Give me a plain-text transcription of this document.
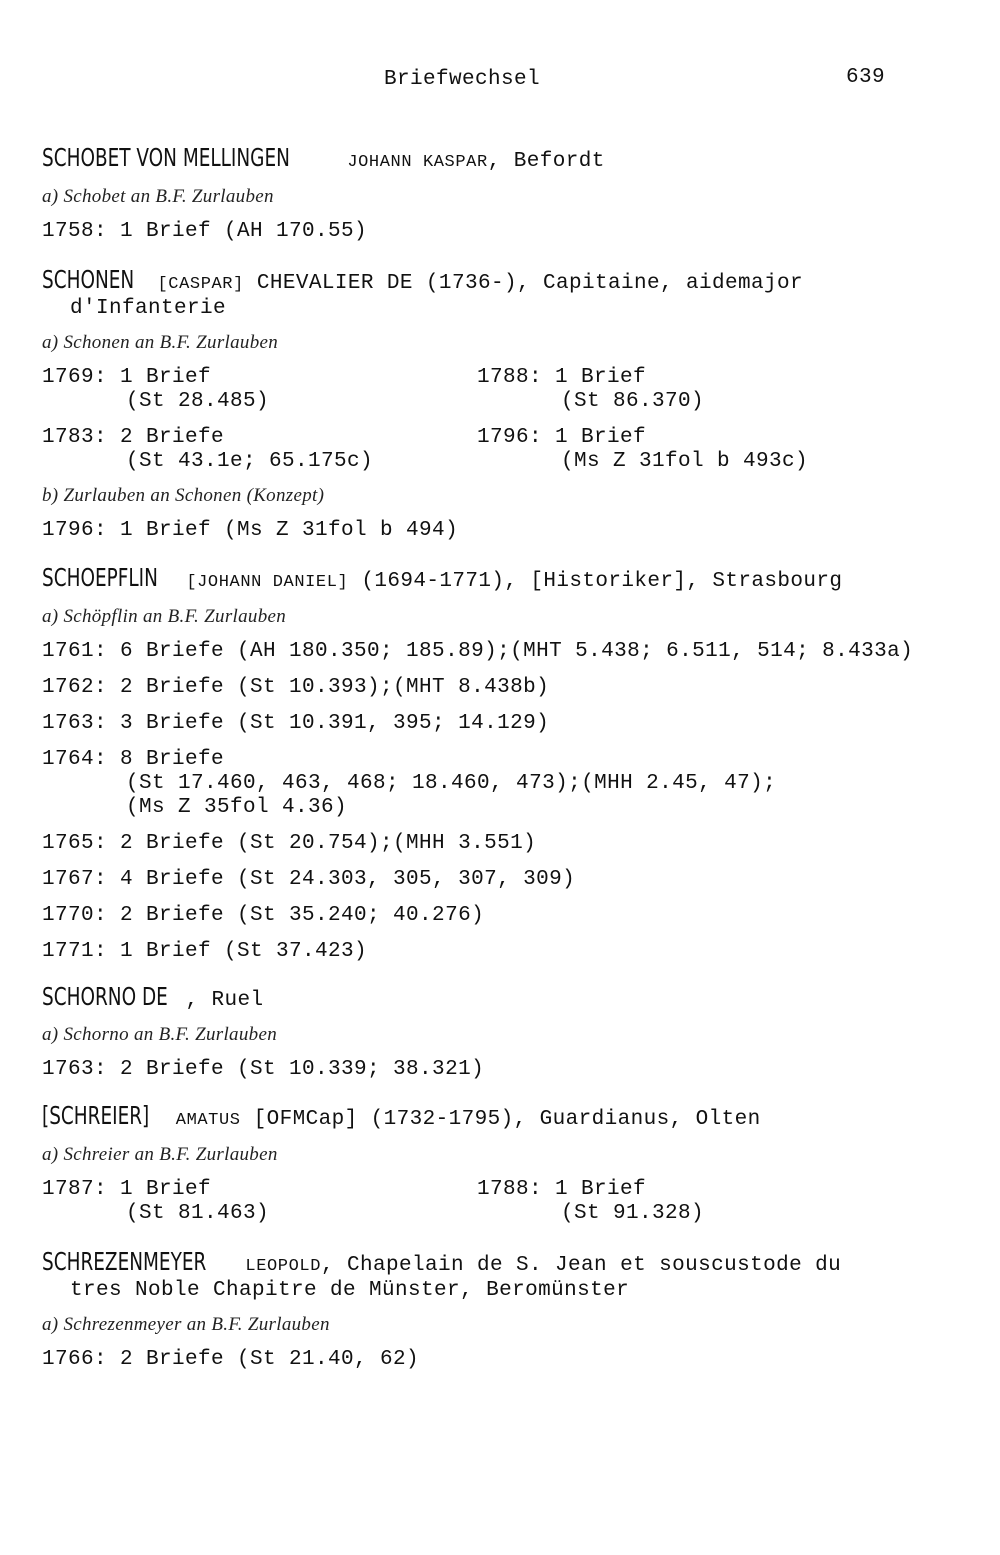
Briefwechsel	639
SCHOBET VON MELLINGEN	JOHANN KASPAR, Befordt
a) Schobet an B.F. Zurlauben
1758: 1 Brief (AH 170.55)
SCHONEN [CASPAR] CHEVALIER DE (1736-), Capitaine, aidemajor
d'Infanterie
a) Schonen an B.F. Zurlauben
1769: 1 Brief
(St 28.485)
1788: 1 Brief
(St 86.370)
1783: 2 Briefe
(St 43.1e; 65.175c)
1796: 1 Brief
(Ms Z 31fol b 493c)
b) Zurlauben an Schonen (Konzept)
1796: 1 Brief (Ms Z 31fol b 494)
SCHOEPFLIN [JOHANN DANIEL] (1694-1771), [Historiker], Strasbourg
a) Schöpflin an B.F. Zurlauben
1761: 6 Briefe (AH 180.350; 185.89);(MHT 5.438; 6.511, 514; 8.433a)
1762: 2 Briefe (St 10.393);(MHT 8.438b)
1763: 3 Briefe (St 10.391, 395; 14.129)
1764: 8 Briefe
(St 17.460, 463, 468; 18.460, 473);(MHH 2.45, 47);
(Ms Z 35fol 4.36)
1765: 2 Briefe (St 20.754);(MHH 3.551)
1767: 4 Briefe (St 24.303, 305, 307, 309)
1770: 2 Briefe (St 35.240; 40.276)
1771: 1 Brief (St 37.423)
SCHORNO DE , Ruel
a) Schorno an B.F. Zurlauben
1763: 2 Briefe (St 10.339; 38.321)
[SCHREIER] AMATUS [OFMCap] (1732-1795), Guardianus, Olten
a) Schreier an B.F. Zurlauben
1787: 1 Brief
(St 81.463)
1788: 1 Brief
(St 91.328)
SCHREZENMEYER LEOPOLD, Chapelain de S. Jean et souscustode du
tres Noble Chapitre de Münster, Beromünster
a) Schrezenmeyer an B.F. Zurlauben
1766: 2 Briefe (St 21.40, 62)
